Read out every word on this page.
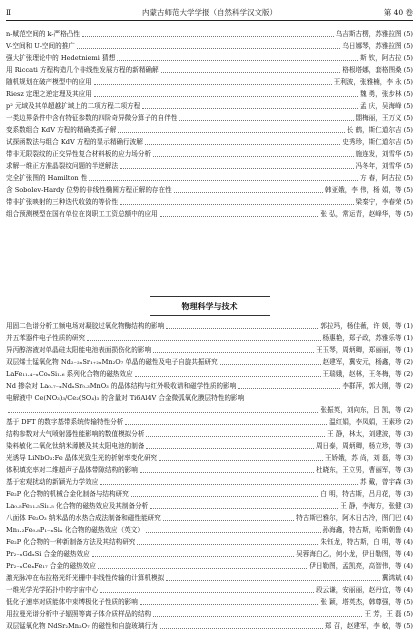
Ⅱ	内蒙古师范大学学报（自然科学汉文版）	第 40 卷
n-赋范空间的 k-严格凸性	乌吉斯古楞，苏雅拉图 (5)
V-空间和 U-空间的推广	乌日娜琴，苏雅拉图 (5)
强大扩张理论中的 Hedetniemi 猜想	斯 钦，阿古拉 (5)
用 Riccati 方程构造几个非线性发展方程的新精确解	格根塔娜，套格图桑 (5)
随机规划在破产模型中的应用	王利波，张雅楠，李 永 (5)
Riesz 定理之逆定理及其应用	魏 勇，张步林 (5)
p² 元域及其单超越扩域上的二项方程二项方程	孟 庆，吴海峰 (5)
一类边界条件中含有特征参数的四阶奇异微分算子的自伴性	閤梅丽，王万义 (5)
变系数组合 KdV 方程的精确类孤子解	长 鹤，斯仁道尔吉 (5)
试探函数法与组合 KdV 方程的显示精确行波解	史秀珍，斯仁道尔吉 (5)
带非无限裂纹的正交异性复合材料板的应力场分析	施连发，刘雪华 (5)
求解一维正方准晶裂纹问题的半逆解法	冯冬年，刘雪华 (5)
完全扩张图的 Hamilton 性	方 春，阿古拉 (5)
含 Sobolev-Hardy 位势的非线性椭圆方程正解的存在性	韩亚娥，李 伟，杨 娟，等 (5)
带非扩张映射的三种迭代收敛的等价性	梁秦宁，李春荣 (5)
组合预测模型在国有单位在岗职工工资总额中的应用	张 弘，常运青，赵峰华，等 (5)
物理科学与技术
用固二色谱分析工频电场对凝胶过氧化物酶结构的影响	郭拉玛，杨佳薇，许 媛，等 (1)
并五苯器件电子性质的研究	杨惠艳，郑子政，苏雅乐等 (1)
异丙醇溶液对单晶硅太阳能电池表面损伤化的影响	王玉琴，周炳卿，郑丽丽，等 (1)
双层烯土锰氧化物 Nd₂₋₂ₓSr₁₊₂ₓMn₂O₇ 单晶的磁性及电子自旋共振研究	赵建军，冀安元，杨鑫，等 (2)
LaFe₁₁.₄₋ₓCoₓSi₁.₆ 系列化合物的磁热效应	王瑞娥，赵林，王冬梅，等 (2)
Nd 掺杂对 La₀.₇₋ₓNdₓSr₀.₃MnO₃ 的晶体结构与红外吸收谱和磁学性质的影响	李群萍，郭大刚，等 (2)
电解液中 Ce(NO₃)₃/Ce₂(SO₄)₃ 的含量对 Ti6Al4V 合金微弧氧化膜层特性的影响
张振英，刘向东，吕 凯，等 (2)
基于 DFT 的数字基带系统传输特性分析	温红娟，李凤娟，王素珍 (2)
结构参数对大气喷射器性能影响的数值模拟分析	王 静，林太，刘建波，等 (3)
染料敏化二氧化钛纳米薄膜及其太阳电池的制备	周日泰，周炳卿，杨立珍，等 (3)
光诱导 LiNbO₃:Fe 晶体光致生光的折射率变化研究	王娇娥，苏 尚，刘 磊，等 (3)
体积填充率对二维超声子晶体带隙结构的影响	杜晓东，王立男，曹丽军，等 (3)
基于宏观扰动的新颖光力学效应	苏 戴，曾宇森 (3)
Fe₂P 化合物的机械合金化制备与结构研究	白 明，特古斯，吕月花，等 (3)
La₀.₅Fe₁₁.₅Si₁.₅ 化合物的磁热效应及其制备分析	王 静，李海方，张健 (3)
八面体 Fe₂O₃ 纳米晶的水热合成法制备和磁性能研究	特古斯巴雅尔，阿木日古冷，图门巴 (4)
Mn₁.₂Fe₀.₈P₁₋ₓSiₓ 化合物的磁热效应（英文）	孙海鑫，特古斯，哈斯朝鲁 (4)
Fe₂P 化合物的一种新制备方法及其结构研究	朱钰龙，特古斯，白 明，等 (4)
Pr₂₋ₓGdₓSi 合金的磁热效应	吴蓉海白乙，何小龙，伊日勒图，等 (4)
Pr₂₋ₓCeₓFe₁₇ 合金的磁热效应	伊日勒图，孟凯亮，高智伟，等 (4)
激光脉冲在布拉格光纤光栅中非线性传输的计算机模拟	冀鸿斌 (4)
一维光学光学拓扑中的宇宙中心	段云谦，安丽丽，赵丹宜，等 (4)
低化子速率对质能体中束缚极化子性质的影响	张 颖，塔英杰，韩尊强，等 (5)
用拉曼光谱分析中子辐照等离子体介质样品的结构	王 芳，王 磊 (5)
双层锰氧化物 NdSr₂Mn₂O₇ 的磁性和自旋玻璃行为	郑 召，赵建军，李 敏，等 (5)
